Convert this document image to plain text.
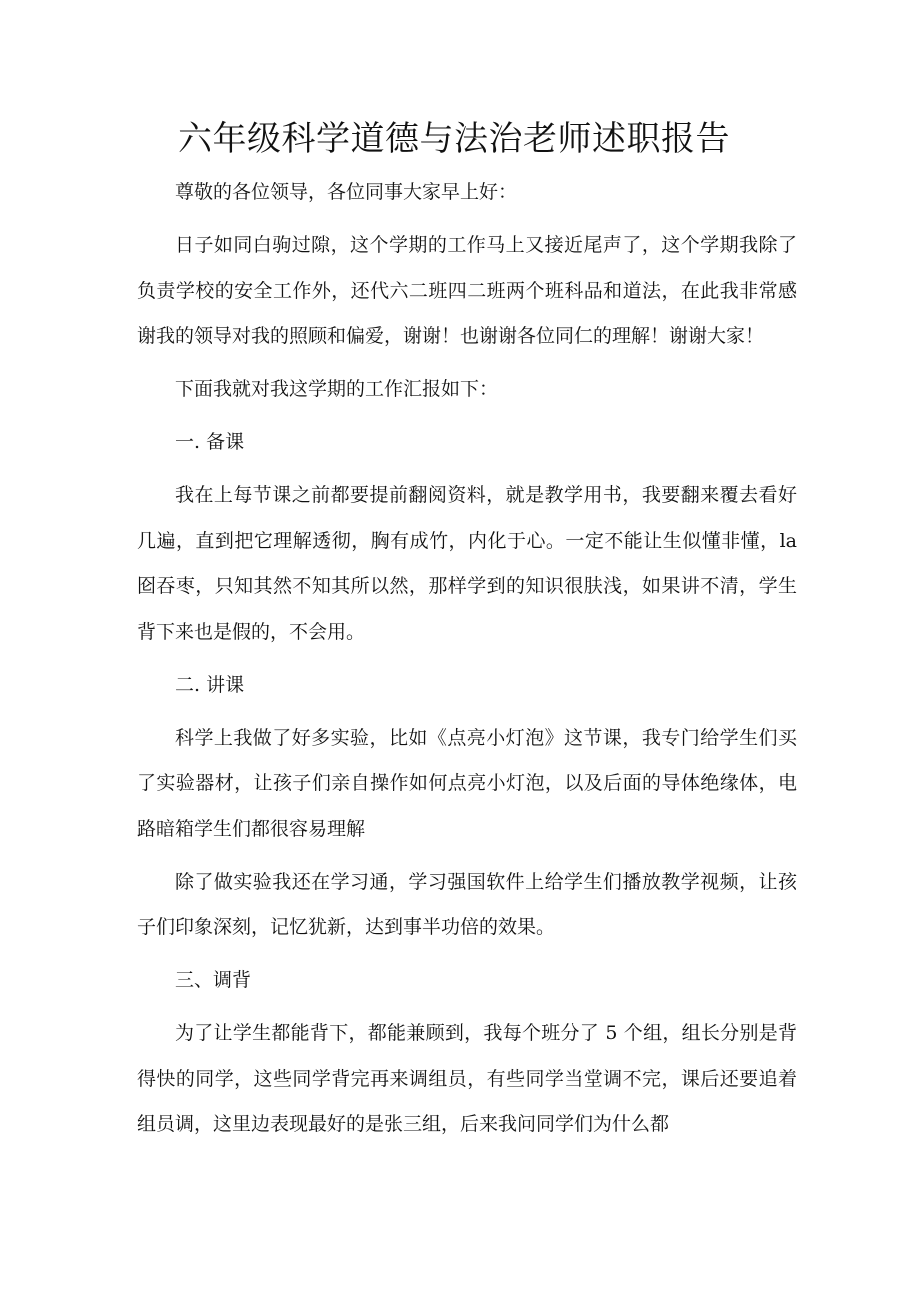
六年级科学道德与法治老师述职报告

尊敬的各位领导，各位同事大家早上好：

日子如同白驹过隙，这个学期的工作马上又接近尾声了，这个学期我除了负责学校的安全工作外，还代六二班四二班两个班科品和道法，在此我非常感谢我的领导对我的照顾和偏爱，谢谢！也谢谢各位同仁的理解！谢谢大家！

下面我就对我这学期的工作汇报如下：

一. 备课

我在上每节课之前都要提前翻阅资料，就是教学用书，我要翻来覆去看好几遍，直到把它理解透彻，胸有成竹，内化于心。一定不能让生似懂非懂，la 囵吞枣，只知其然不知其所以然，那样学到的知识很肤浅，如果讲不清，学生背下来也是假的，不会用。

二. 讲课

科学上我做了好多实验，比如《点亮小灯泡》这节课，我专门给学生们买了实验器材，让孩子们亲自操作如何点亮小灯泡，以及后面的导体绝缘体，电路暗箱学生们都很容易理解

除了做实验我还在学习通，学习强国软件上给学生们播放教学视频，让孩子们印象深刻，记忆犹新，达到事半功倍的效果。

三、调背

为了让学生都能背下，都能兼顾到，我每个班分了 5 个组，组长分别是背得快的同学，这些同学背完再来调组员，有些同学当堂调不完，课后还要追着组员调，这里边表现最好的是张三组，后来我问同学们为什么都
